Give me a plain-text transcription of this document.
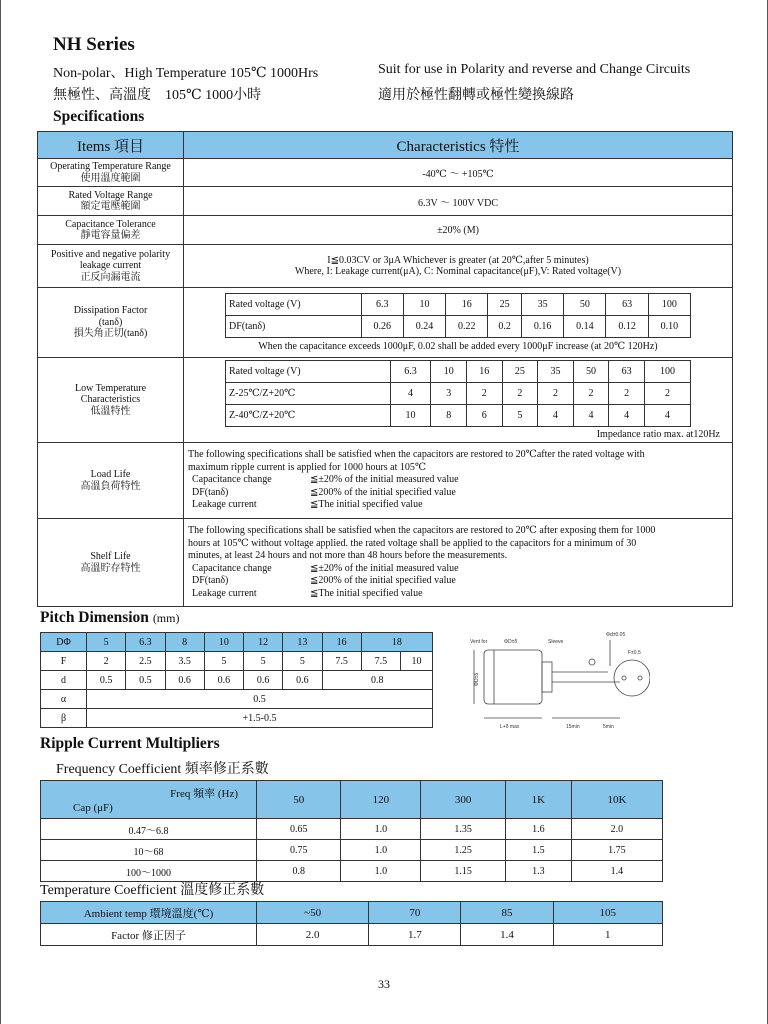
NH Series
Non-polar、High Temperature 105℃ 1000Hrs	Suit for use in Polarity and reverse and Change Circuits
無極性、高溫度　105℃ 1000小時	適用於極性翻轉或極性變換線路
Specifications
Items 項目	Characteristics 特性

Operating Temperature Range
使用溫度範圍	-40℃ ～ +105℃

Rated Voltage Range
額定電壓範圍	6.3V ～ 100V VDC

Capacitance Tolerance
靜電容量偏差	±20% (M)

Positive and negative polarity
leakage current
正反向漏電流

I≦0.03CV or 3μA Whichever is greater (at 20℃,after 5 minutes)
Where, I: Leakage current(μA), C: Nominal capacitance(μF),V: Rated voltage(V)

Dissipation Factor
(tanδ)
損失角正切(tanδ)

Rated voltage (V)	6.3	10	16	25	35	50	63	100
DF(tanδ)	0.26	0.24	0.22	0.2	0.16	0.14	0.12	0.10
When the capacitance exceeds 1000μF, 0.02 shall be added every 1000μF increase (at 20℃ 120Hz)

Low Temperature
Characteristics
低溫特性

Rated voltage (V)	6.3	10	16	25	35	50	63	100
Z-25℃/Z+20℃	4	3	2	2	2	2	2	2
Z-40℃/Z+20℃	10	8	6	5	4	4	4	4
Impedance ratio max. at120Hz

Load Life
高溫負荷特性

The following specifications shall be satisfied when the capacitors are restored to 20℃after the rated voltage with
maximum ripple current is applied for 1000 hours at 105℃
Capacitance change	≦±20% of the initial measured value
DF(tanδ)	≦200% of the initial specified value
Leakage current	≦The initial specified value

Shelf Life
高溫貯存特性

The following specifications shall be satisfied when the capacitors are restored to 20℃ after exposing them for 1000
hours at 105℃ without voltage applied. the rated voltage shall be applied to the capacitors for a minimum of 30
minutes, at least 24 hours and not more than 48 hours before the measurements.
Capacitance change	≦±20% of the initial measured value
DF(tanδ)	≦200% of the initial specified value
Leakage current	≦The initial specified value
Pitch Dimension (mm)
DΦ	5	6.3	8	10	12	13	16	18	
F	2	2.5	3.5	5	5	5	7.5	7.5	10
d	0.5	0.5	0.6	0.6	0.6	0.6	0.8		
α	0.5								
β	+1.5-0.5								
Vent for	ΦD±δ	Sleeve
L+δ max	15min	5min
ΦD±δ
Φd±0.05
F±0.5
Ripple Current Multipliers
Frequency Coefficient 頻率修正系數
Freq 頻率 (Hz)
Cap (μF)	50	120	300	1K	10K
0.47～6.8	0.65	1.0	1.35	1.6	2.0
10～68	0.75	1.0	1.25	1.5	1.75
100～1000	0.8	1.0	1.15	1.3	1.4
Temperature Coefficient 溫度修正系數
Ambient temp 環境溫度(℃)	~50	70	85	105
Factor 修正因子	2.0	1.7	1.4	1
33
